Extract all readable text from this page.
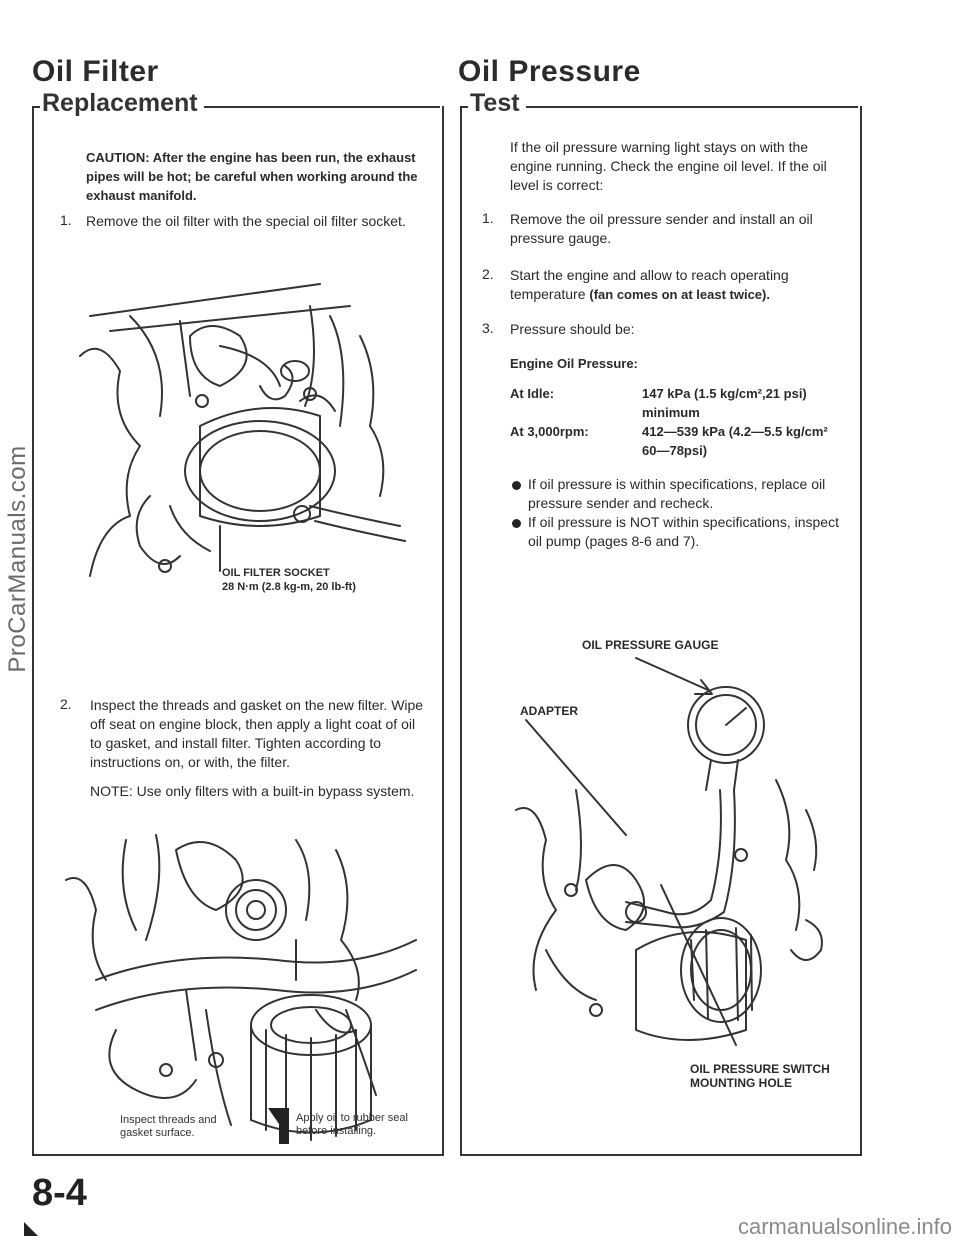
Oil Filter
Replacement
CAUTION: After the engine has been run, the exhaust pipes will be hot; be careful when working around the exhaust manifold.
1. Remove the oil filter with the special oil filter socket.
OIL FILTER SOCKET
28 N·m (2.8 kg-m, 20 lb-ft)
2. Inspect the threads and gasket on the new filter. Wipe off seat on engine block, then apply a light coat of oil to gasket, and install filter. Tighten according to instructions on, or with, the filter.
NOTE: Use only filters with a built-in bypass system.
Inspect threads and gasket surface.
Apply oil to rubber seal before installing.
Oil Pressure
Test
If the oil pressure warning light stays on with the engine running. Check the engine oil level. If the oil level is correct:
1. Remove the oil pressure sender and install an oil pressure gauge.
2. Start the engine and allow to reach operating temperature (fan comes on at least twice).
3. Pressure should be:
Engine Oil Pressure:
At Idle:	147 kPa (1.5 kg/cm²,21 psi) minimum
At 3,000rpm:	412—539 kPa (4.2—5.5 kg/cm² 60—78psi)
If oil pressure is within specifications, replace oil pressure sender and recheck.
If oil pressure is NOT within specifications, inspect oil pump (pages 8-6 and 7).
OIL PRESSURE GAUGE
ADAPTER
OIL PRESSURE SWITCH
MOUNTING HOLE
8-4
ProCarManuals.com
carmanualsonline.info
